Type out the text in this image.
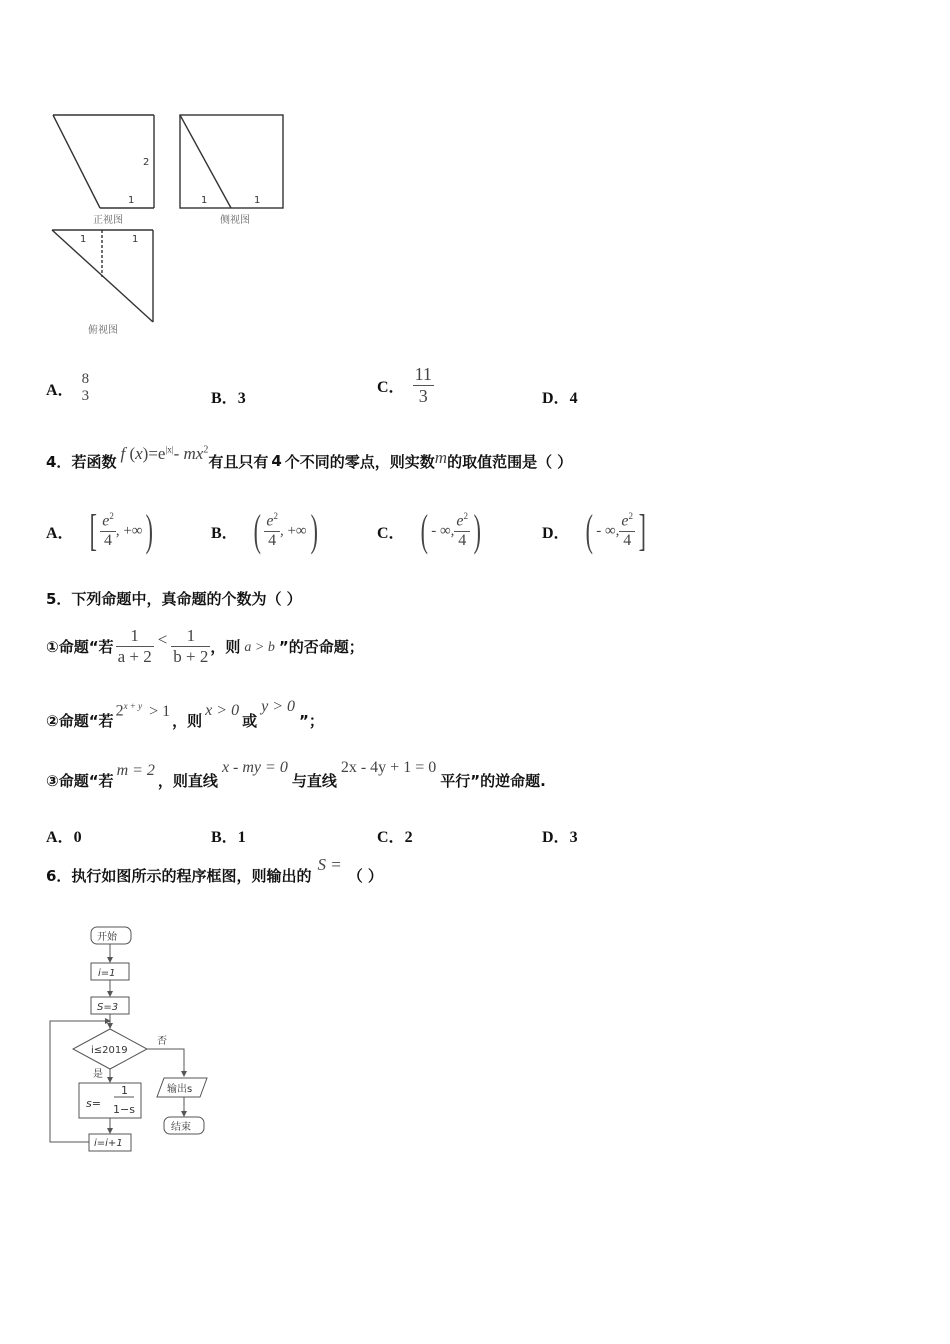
2
1
正视图
1	1
侧视图
1	1
俯视图
A．
8
3	B．3
C． $\frac{11}{3}$	D．4
4． 若函数 f $(x)=e^{|x|}-$ $mx^2$
有且只有 4 个不同的零点，则实数 m 的取值范围是（ ）
A． [ $\frac{e^2}{4}$ , +∞ )	B． ( $\frac{e^2}{4}$ , +∞ )	C． ( - ∞, $\frac{e^2}{4}$ )	D． ( - ∞, $\frac{e^2}{4}$ ]
5．下列命题中，真命题的个数为（ ）
①命题“若 $\frac{1}{a + 2} < \frac{1}{b + 2}$ ，则 a > b ”的否命题；
②命题“若
$2^{x + y} > 1$
，则
x > 0
或
y > 0
”；
③命题“若
m = 2
，则直线
x - my = 0
与直线
2x - 4y + 1 = 0
平行”的逆命题.
A．0	B．1	C．2	D．3
6．执行如图所示的程序框图，则输出的
S =
（ ）
开始
i=1
S=3
i≤2019
否
是
s=
1
1−s
输出s
结束
i=i+1
